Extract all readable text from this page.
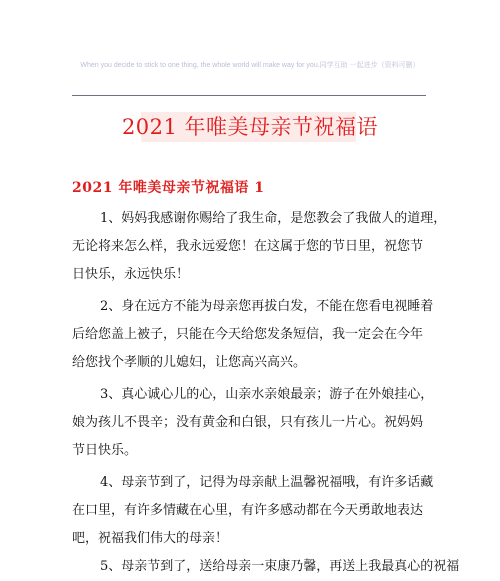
When you decide to stick to one thing, the whole world will make way for you.同学互助 一起进步（资料可删）
2021 年唯美母亲节祝福语
2021 年唯美母亲节祝福语 1

1、妈妈我感谢你赐给了我生命，是您教会了我做人的道理，

无论将来怎么样，我永远爱您！在这属于您的节日里，祝您节

日快乐，永远快乐！

2、身在远方不能为母亲您再拔白发，不能在您看电视睡着

后给您盖上被子，只能在今天给您发条短信，我一定会在今年

给您找个孝顺的儿媳妇，让您高兴高兴。

3、真心诚心儿的心，山亲水亲娘最亲；游子在外娘挂心，

娘为孩儿不畏辛；没有黄金和白银，只有孩儿一片心。祝妈妈

节日快乐。

4、母亲节到了，记得为母亲献上温馨祝福哦，有许多话藏

在口里，有许多情藏在心里，有许多感动都在今天勇敢地表达

吧，祝福我们伟大的母亲！

5、母亲节到了，送给母亲一束康乃馨，再送上我最真心的祝福
